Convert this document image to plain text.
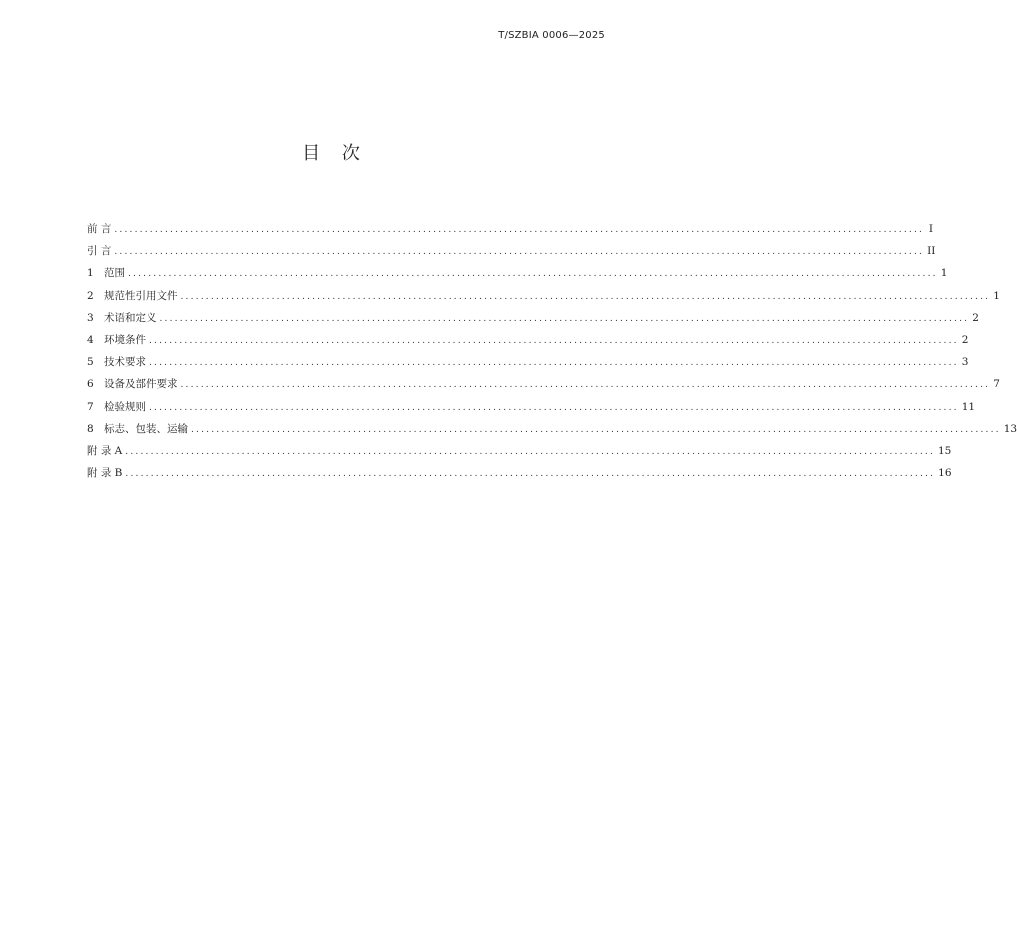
T/SZBIA 0006—2025
目 次
前 言 ................................................................................................................................................................ I
引 言 ................................................................................................................................................................ II
1 范围 ................................................................................................................................................................ 1
2 规范性引用文件 ................................................................................................................................................................ 1
3 术语和定义 ................................................................................................................................................................ 2
4 环境条件 ................................................................................................................................................................ 2
5 技术要求 ................................................................................................................................................................ 3
6 设备及部件要求 ................................................................................................................................................................ 7
7 检验规则 ................................................................................................................................................................ 11
8 标志、包装、运输 ................................................................................................................................................................ 13
附 录 A ................................................................................................................................................................ 15
附 录 B ................................................................................................................................................................ 16
